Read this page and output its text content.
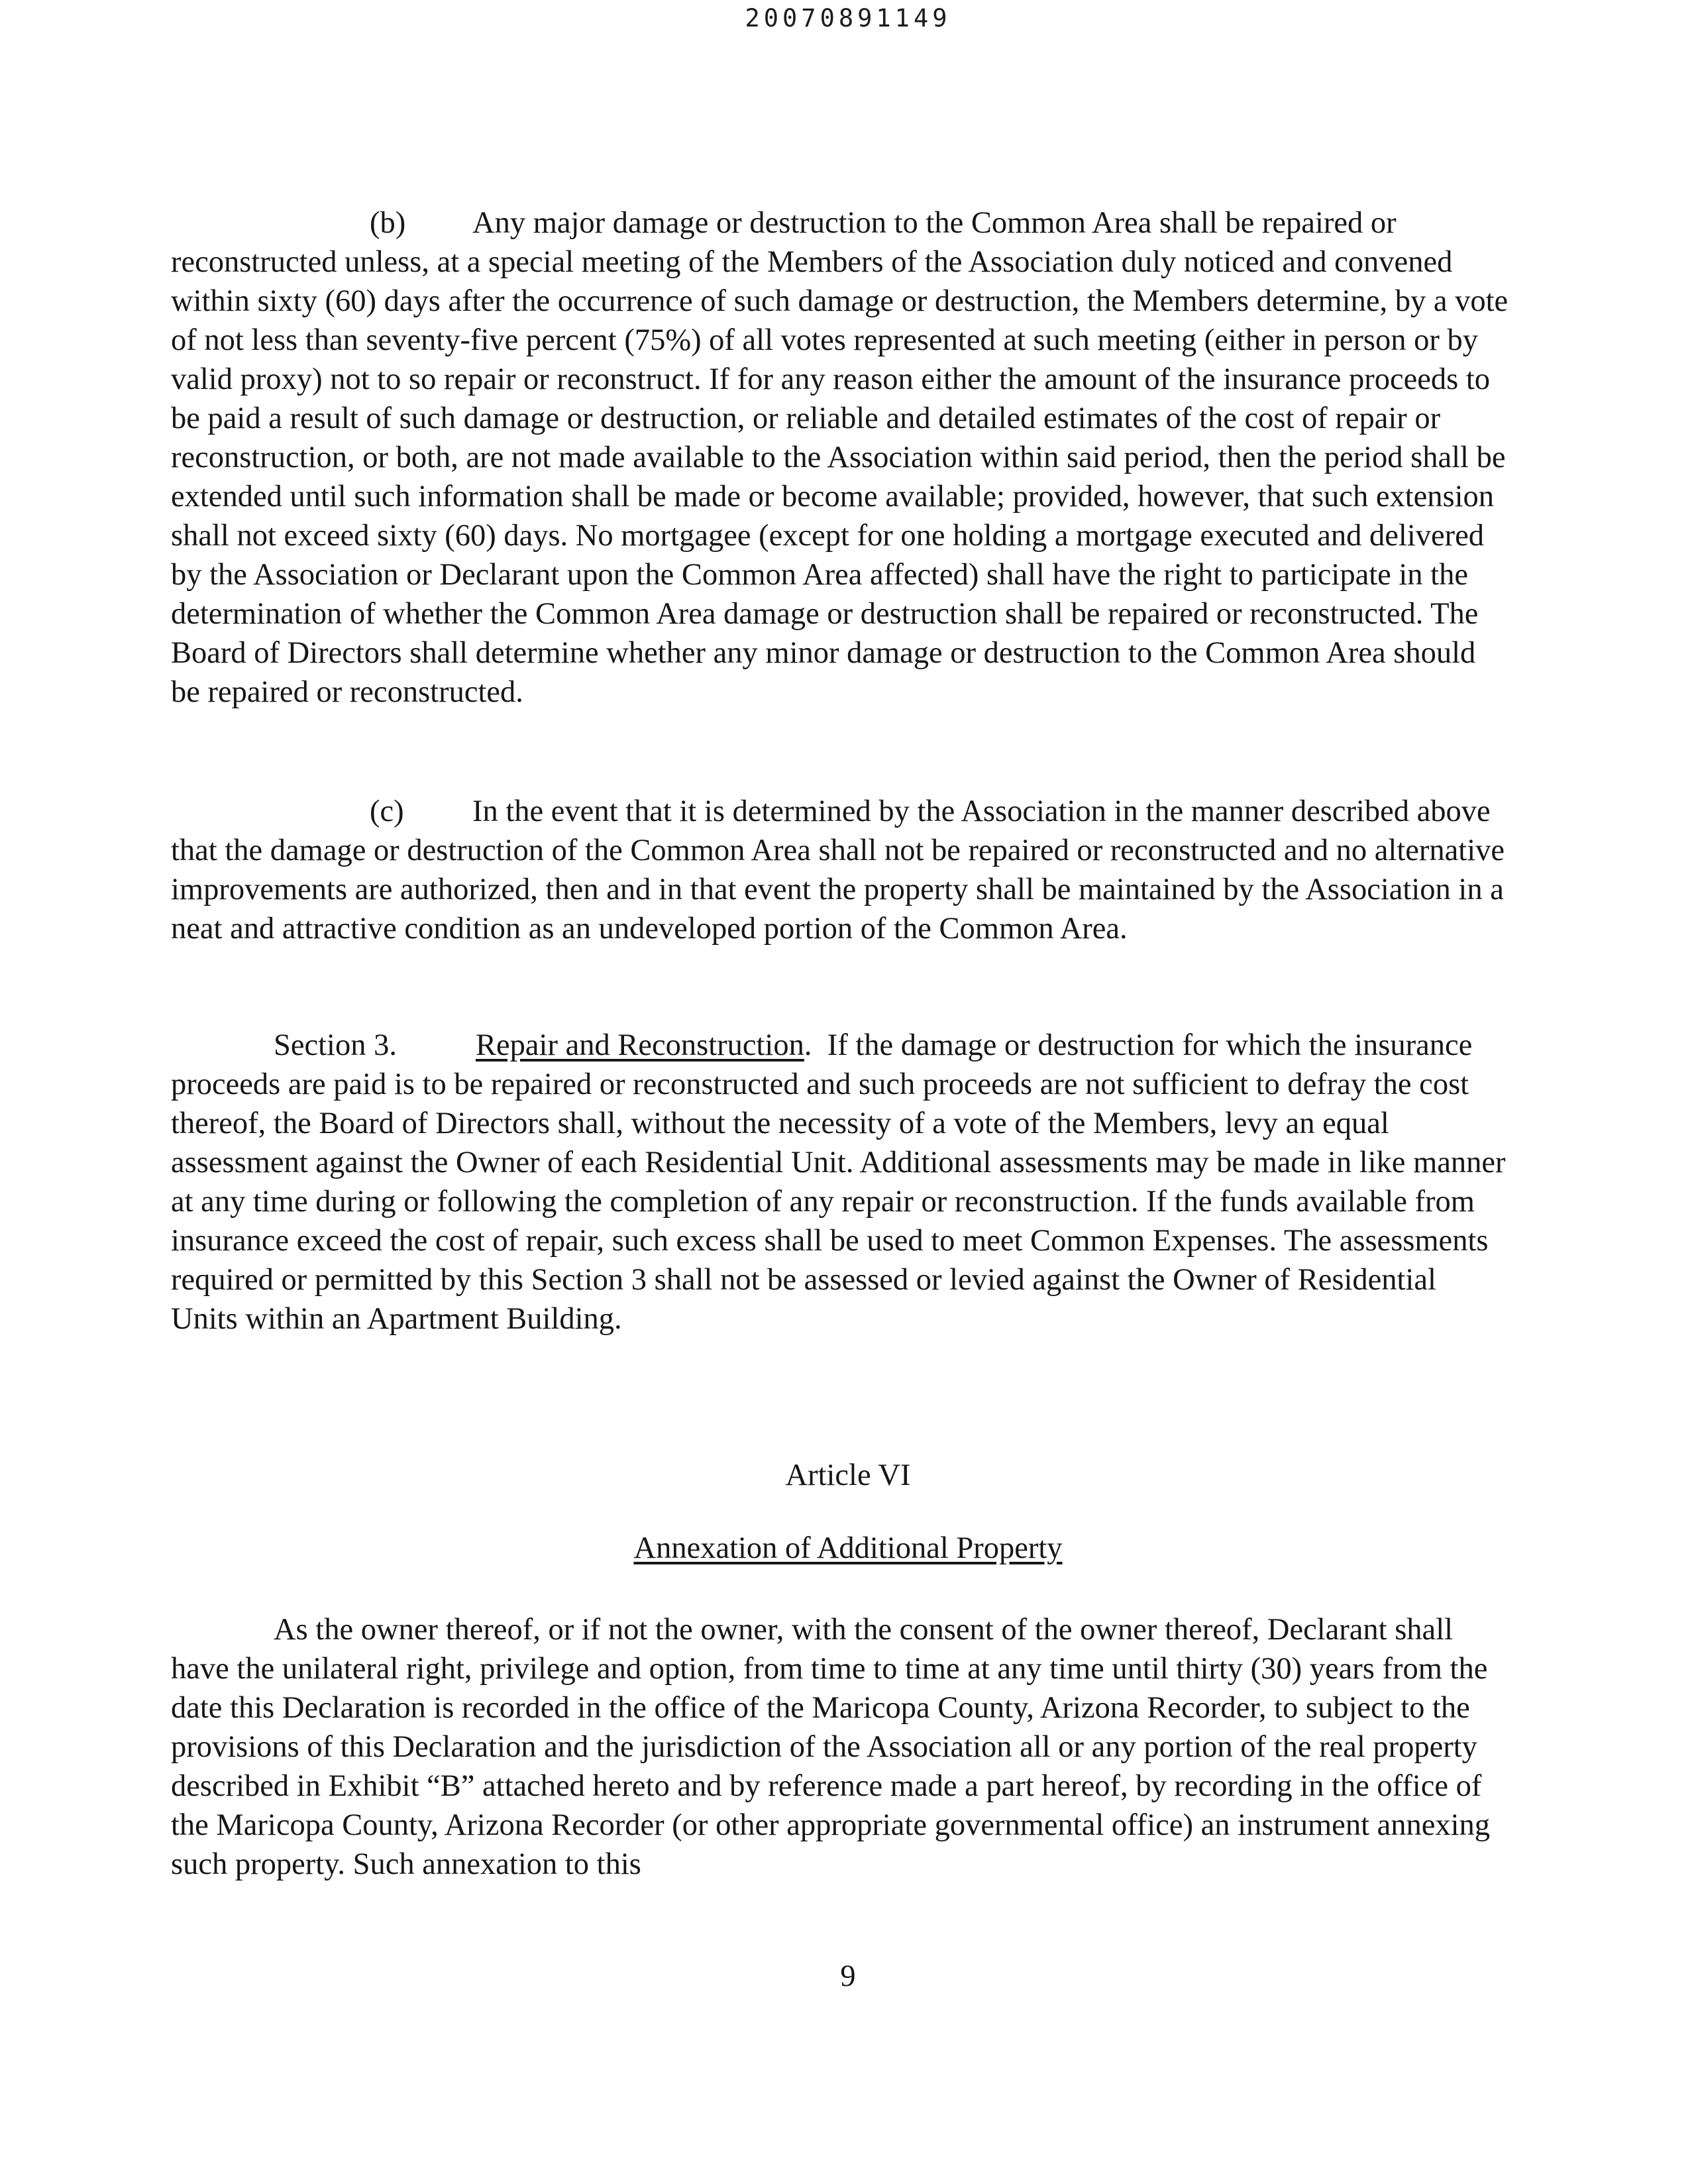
20070891149

(b) Any major damage or destruction to the Common Area shall be repaired or reconstructed unless, at a special meeting of the Members of the Association duly noticed and convened within sixty (60) days after the occurrence of such damage or destruction, the Members determine, by a vote of not less than seventy-five percent (75%) of all votes represented at such meeting (either in person or by valid proxy) not to so repair or reconstruct. If for any reason either the amount of the insurance proceeds to be paid a result of such damage or destruction, or reliable and detailed estimates of the cost of repair or reconstruction, or both, are not made available to the Association within said period, then the period shall be extended until such information shall be made or become available; provided, however, that such extension shall not exceed sixty (60) days. No mortgagee (except for one holding a mortgage executed and delivered by the Association or Declarant upon the Common Area affected) shall have the right to participate in the determination of whether the Common Area damage or destruction shall be repaired or reconstructed. The Board of Directors shall determine whether any minor damage or destruction to the Common Area should be repaired or reconstructed.

(c) In the event that it is determined by the Association in the manner described above that the damage or destruction of the Common Area shall not be repaired or reconstructed and no alternative improvements are authorized, then and in that event the property shall be maintained by the Association in a neat and attractive condition as an undeveloped portion of the Common Area.

Section 3.	Repair and Reconstruction. If the damage or destruction for which the insurance proceeds are paid is to be repaired or reconstructed and such proceeds are not sufficient to defray the cost thereof, the Board of Directors shall, without the necessity of a vote of the Members, levy an equal assessment against the Owner of each Residential Unit. Additional assessments may be made in like manner at any time during or following the completion of any repair or reconstruction. If the funds available from insurance exceed the cost of repair, such excess shall be used to meet Common Expenses. The assessments required or permitted by this Section 3 shall not be assessed or levied against the Owner of Residential Units within an Apartment Building.

Article VI
Annexation of Additional Property

As the owner thereof, or if not the owner, with the consent of the owner thereof, Declarant shall have the unilateral right, privilege and option, from time to time at any time until thirty (30) years from the date this Declaration is recorded in the office of the Maricopa County, Arizona Recorder, to subject to the provisions of this Declaration and the jurisdiction of the Association all or any portion of the real property described in Exhibit “B” attached hereto and by reference made a part hereof, by recording in the office of the Maricopa County, Arizona Recorder (or other appropriate governmental office) an instrument annexing such property. Such annexation to this

9
